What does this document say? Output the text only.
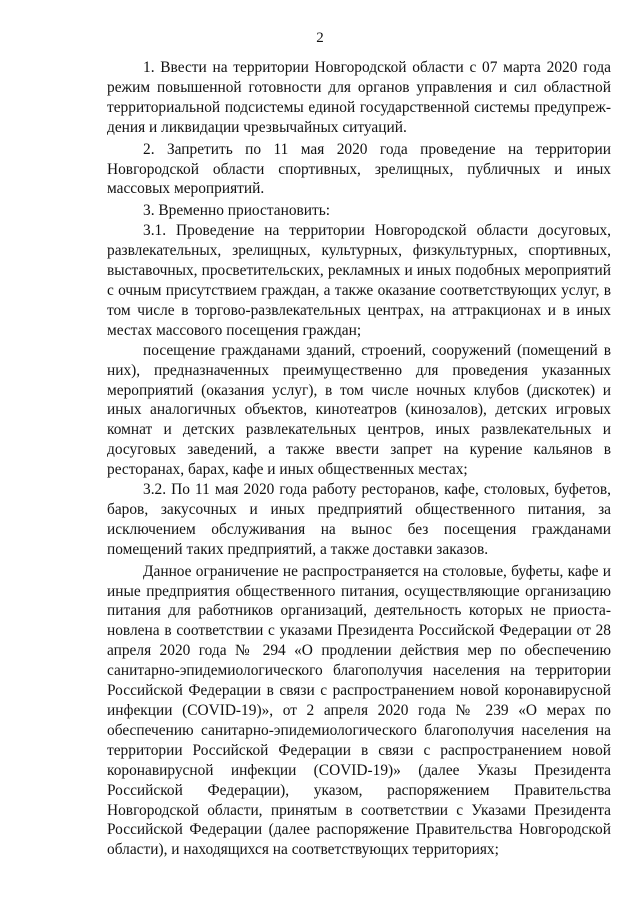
2

1. Ввести на территории Новгородской области с 07 марта 2020 года режим повышенной готовности для органов управления и сил областной территориальной подсистемы единой государственной системы предупреждения и ликвидации чрезвычайных ситуаций.

2. Запретить по 11 мая 2020 года проведение на территории Новгородской области спортивных, зрелищных, публичных и иных массовых мероприятий.

3. Временно приостановить:

3.1. Проведение на территории Новгородской области досуговых, развлекательных, зрелищных, культурных, физкультурных, спортивных, выставочных, просветительских, рекламных и иных подобных мероприятий с очным присутствием граждан, а также оказание соответствующих услуг, в том числе в торгово-развлекательных центрах, на аттракционах и в иных местах массового посещения граждан;

посещение гражданами зданий, строений, сооружений (помещений в них), предназначенных преимущественно для проведения указанных мероприятий (оказания услуг), в том числе ночных клубов (дискотек) и иных аналогичных объектов, кинотеатров (кинозалов), детских игровых комнат и детских развлекательных центров, иных развлекательных и досуговых заведений, а также ввести запрет на курение кальянов в ресторанах, барах, кафе и иных общественных местах;

3.2. По 11 мая 2020 года работу ресторанов, кафе, столовых, буфетов, баров, закусочных и иных предприятий общественного питания, за исключением обслуживания на вынос без посещения гражданами помещений таких предприятий, а также доставки заказов.

Данное ограничение не распространяется на столовые, буфеты, кафе и иные предприятия общественного питания, осуществляющие организацию питания для работников организаций, деятельность которых не приостановлена в соответствии с указами Президента Российской Федерации от 28 апреля 2020 года № 294 «О продлении действия мер по обеспечению санитарно-эпидемиологического благополучия населения на территории Российской Федерации в связи с распространением новой коронавирусной инфекции (COVID-19)», от 2 апреля 2020 года № 239 «О мерах по обеспечению санитарно-эпидемиологического благополучия населения на территории Российской Федерации в связи с распространением новой коронавирусной инфекции (COVID-19)» (далее Указы Президента Российской Федерации), указом, распоряжением Правительства Новгородской области, принятым в соответствии с Указами Президента Российской Федерации (далее распоряжение Правительства Новгородской области), и находящихся на соответствующих территориях;
